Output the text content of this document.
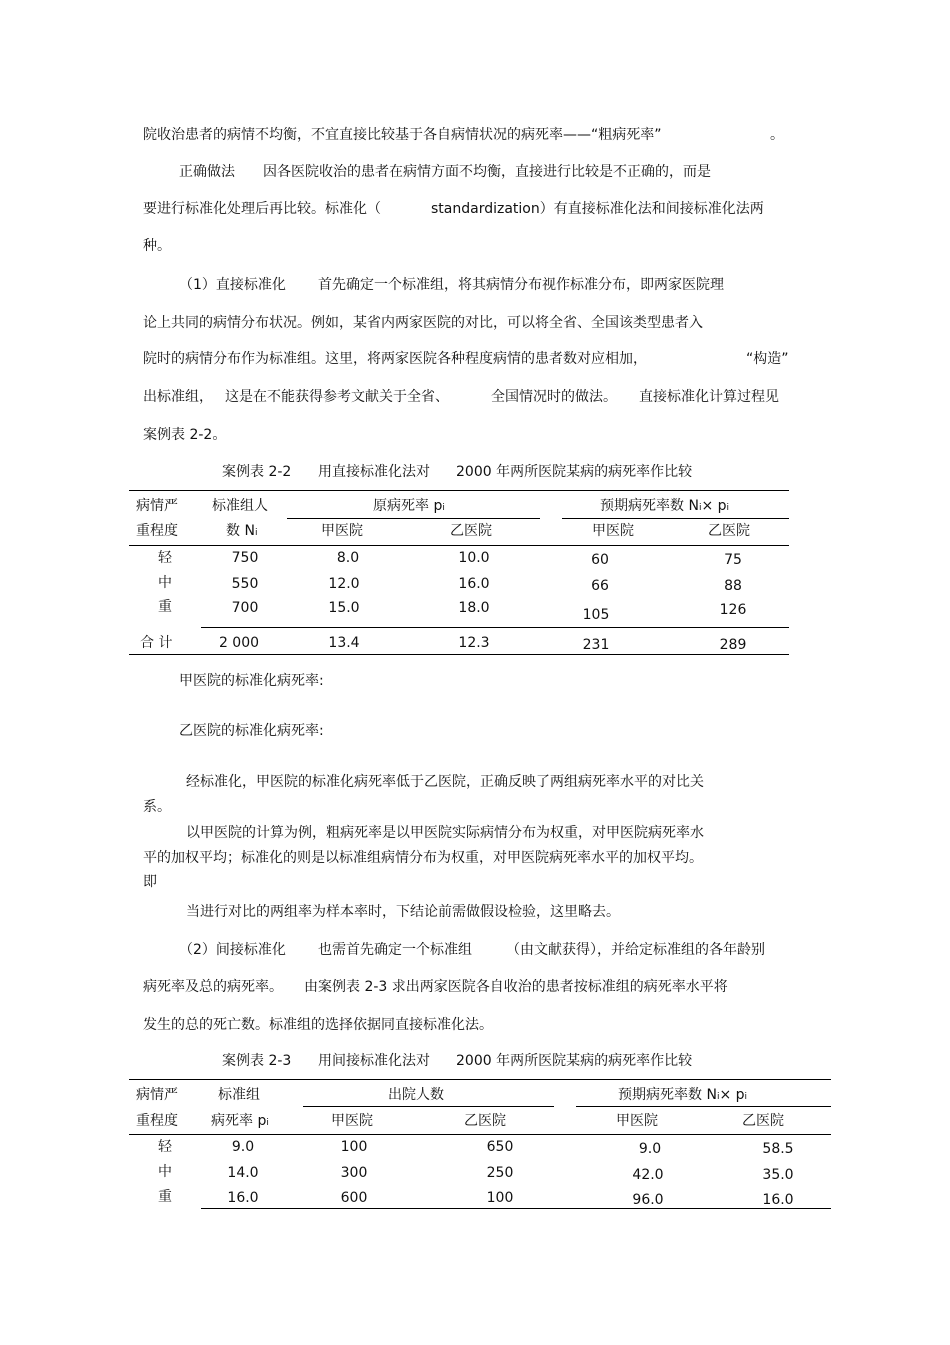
院收治患者的病情不均衡，不宜直接比较基于各自病情状况的病死率——“粗病死率”	。
正确做法 因各医院收治的患者在病情方面不均衡，直接进行比较是不正确的，而是
要进行标准化处理后再比较。标准化（	standardization）有直接标准化法和间接标准化法两
种。
（1）直接标准化 首先确定一个标准组，将其病情分布视作标准分布，即两家医院理
论上共同的病情分布状况。例如，某省内两家医院的对比，可以将全省、全国该类型患者入
院时的病情分布作为标准组。这里，将两家医院各种程度病情的患者数对应相加，	“构造”
出标准组， 这是在不能获得参考文献关于全省、	全国情况时的做法。 直接标准化计算过程见
案例表 2-2。
案例表 2-2 用直接标准化法对 2000 年两所医院某病的病死率作比较
病情严
重程度
标准组人
数 Ni
原病死率 pi	预期病死率数 Ni× pi
甲医院	乙医院	甲医院	乙医院
轻	750	8.0	10.0	60	75
中	550	12.0	16.0	66	88
重	700	15.0	18.0	105	126
合 计	2 000	13.4	12.3	231	289
甲医院的标准化病死率:
乙医院的标准化病死率:
经标准化，甲医院的标准化病死率低于乙医院，正确反映了两组病死率水平的对比关
系。
以甲医院的计算为例，粗病死率是以甲医院实际病情分布为权重，对甲医院病死率水
平的加权平均；标准化的则是以标准组病情分布为权重，对甲医院病死率水平的加权平均。
即
当进行对比的两组率为样本率时，下结论前需做假设检验，这里略去。
（2）间接标准化 也需首先确定一个标准组 （由文献获得），并给定标准组的各年龄别
病死率及总的病死率。 由案例表 2-3 求出两家医院各自收治的患者按标准组的病死率水平将
发生的总的死亡数。标准组的选择依据同直接标准化法。
案例表 2-3 用间接标准化法对 2000 年两所医院某病的病死率作比较
病情严
重程度
标准组
病死率 pi
出院人数	预期病死率数 Ni× pi
甲医院	乙医院	甲医院	乙医院
轻	9.0	100	650	9.0	58.5
中	14.0	300	250	42.0	35.0
重	16.0	600	100	96.0	16.0
